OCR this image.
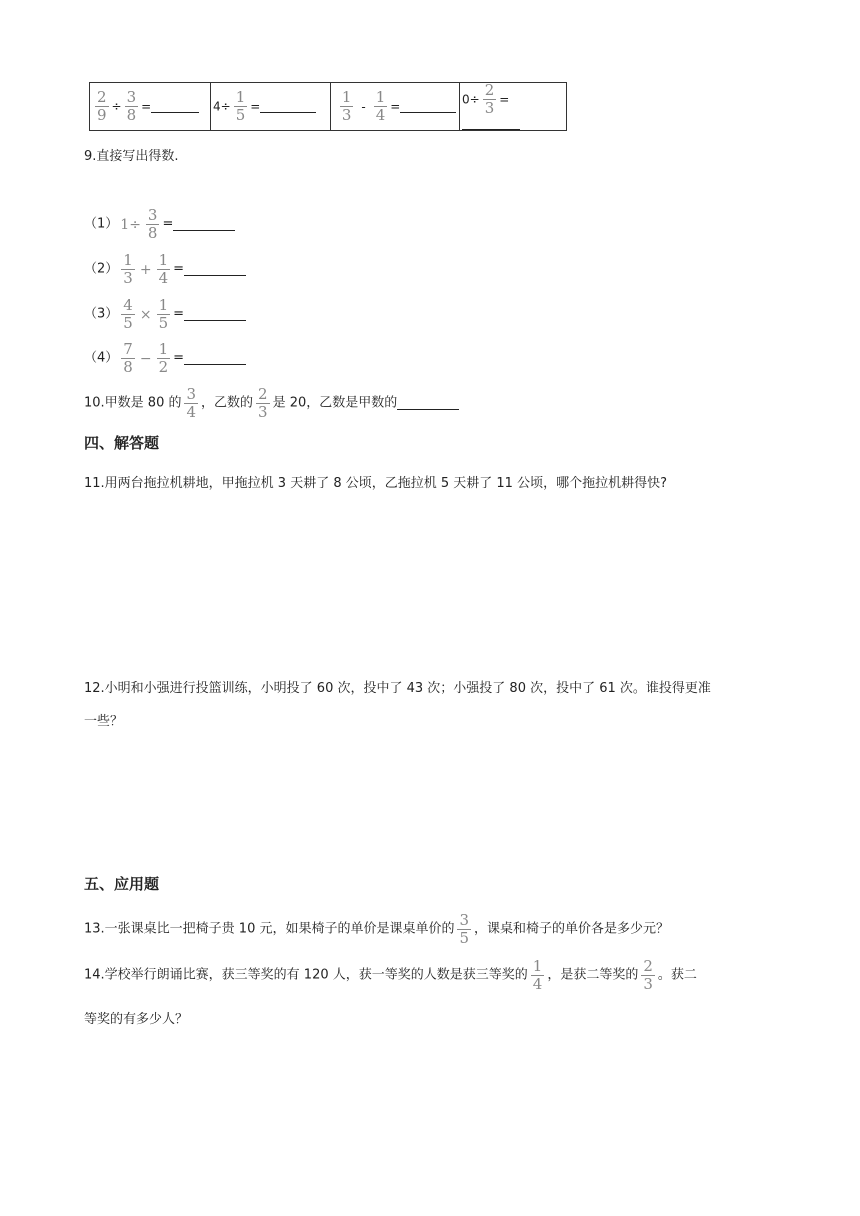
$\frac{2}{9} \div \frac{3}{8}$ =	$4\div \frac{1}{5}$ =	$\frac{1}{3} - \frac{1}{4}$ =	$0\div \frac{2}{3}$ =
9.直接写出得数.
（1） $1\div \frac{3}{8}$ =
$(2) \frac{1}{3} + \frac{1}{4}$ =
$(3) \frac{4}{5} \times \frac{1}{5}$ =
$(4) \frac{7}{8} - \frac{1}{2}$ =
10.甲数是 80 的 $\frac{3}{4}$ ，乙数的 $\frac{2}{3}$ 是 20，乙数是甲数的
四、解答题
11.用两台拖拉机耕地，甲拖拉机 3 天耕了 8 公顷，乙拖拉机 5 天耕了 11 公顷，哪个拖拉机耕得快?
12.小明和小强进行投篮训练，小明投了 60 次，投中了 43 次；小强投了 80 次，投中了 61 次。谁投得更准
一些？
五、应用题
13.一张课桌比一把椅子贵 10 元，如果椅子的单价是课桌单价的 $\frac{3}{5}$ ，课桌和椅子的单价各是多少元？
14.学校举行朗诵比赛，获三等奖的有 120 人，获一等奖的人数是获三等奖的 $\frac{1}{4}$ ，是获二等奖的 $\frac{2}{3}$ 。获二
等奖的有多少人？
